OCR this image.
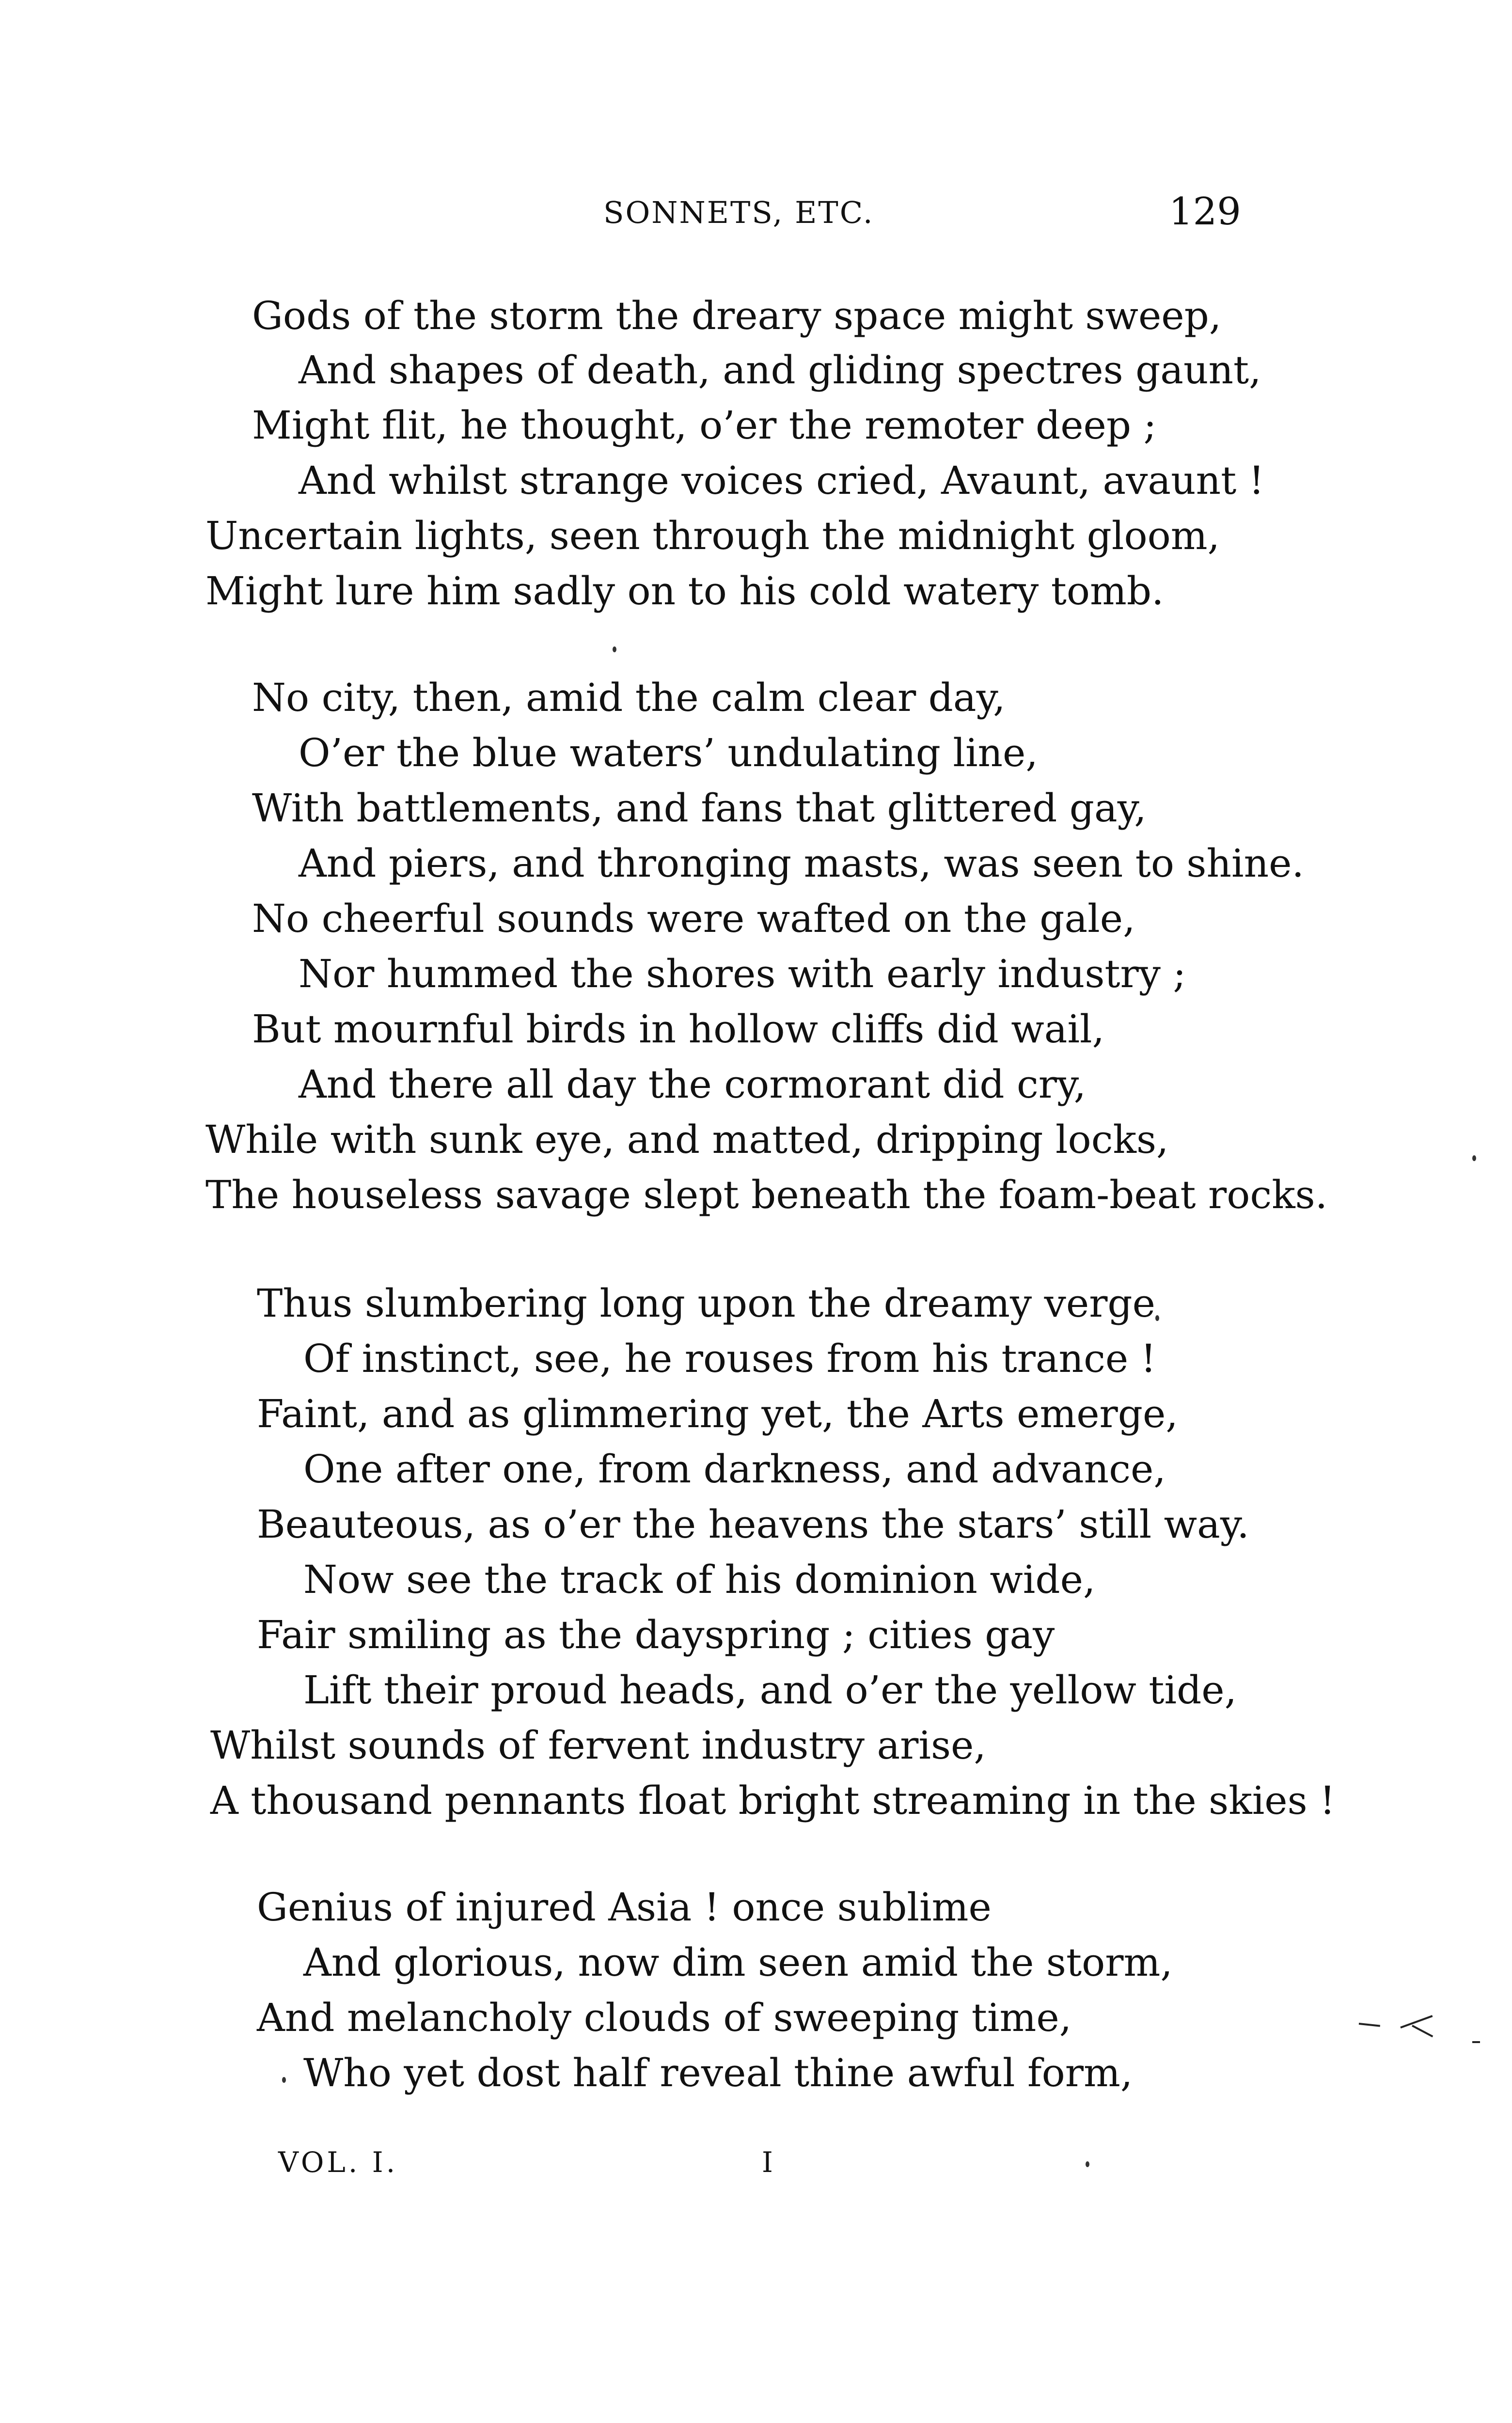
SONNETS, ETC.	129
Gods of the storm the dreary space might sweep,
And shapes of death, and gliding spectres gaunt,
Might flit, he thought, o’er the remoter deep ;
And whilst strange voices cried, Avaunt, avaunt !
Uncertain lights, seen through the midnight gloom,
Might lure him sadly on to his cold watery tomb.
No city, then, amid the calm clear day,
O’er the blue waters’ undulating line,
With battlements, and fans that glittered gay,
And piers, and thronging masts, was seen to shine.
No cheerful sounds were wafted on the gale,
Nor hummed the shores with early industry ;
But mournful birds in hollow cliffs did wail,
And there all day the cormorant did cry,
While with sunk eye, and matted, dripping locks,
The houseless savage slept beneath the foam-beat rocks.
Thus slumbering long upon the dreamy verge
Of instinct, see, he rouses from his trance !
Faint, and as glimmering yet, the Arts emerge,
One after one, from darkness, and advance,
Beauteous, as o’er the heavens the stars’ still way.
Now see the track of his dominion wide,
Fair smiling as the dayspring ; cities gay
Lift their proud heads, and o’er the yellow tide,
Whilst sounds of fervent industry arise,
A thousand pennants float bright streaming in the skies !
Genius of injured Asia ! once sublime
And glorious, now dim seen amid the storm,
And melancholy clouds of sweeping time,
Who yet dost half reveal thine awful form,
VOL. I.	I
